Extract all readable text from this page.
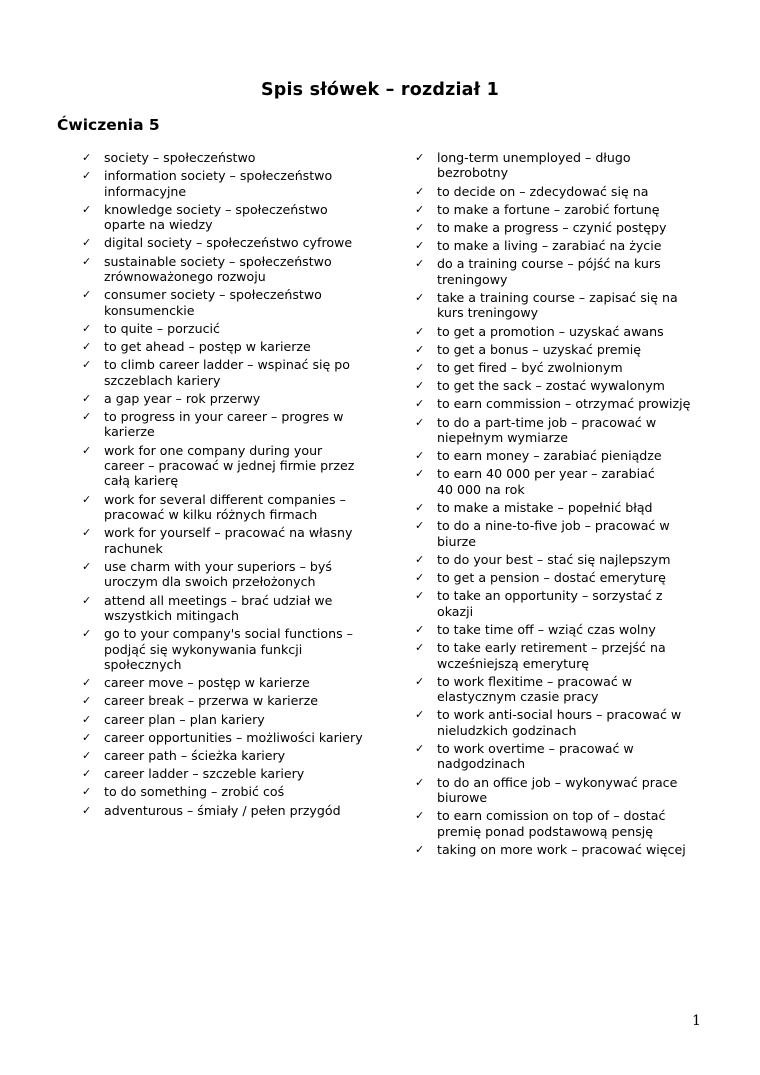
Spis słówek – rozdział 1
Ćwiczenia 5
✓	society – społeczeństwo
✓	information society – społeczeństwo
informacyjne
✓	knowledge society – społeczeństwo
oparte na wiedzy
✓	digital society – społeczeństwo cyfrowe
✓	sustainable society – społeczeństwo
zrównoważonego rozwoju
✓	consumer society – społeczeństwo
konsumenckie
✓	to quite – porzucić
✓	to get ahead – postęp w karierze
✓	to climb career ladder – wspinać się po
szczeblach kariery
✓	a gap year – rok przerwy
✓	to progress in your career – progres w
karierze
✓	work for one company during your
career – pracować w jednej firmie przez
całą karierę
✓	work for several different companies –
pracować w kilku różnych firmach
✓	work for yourself – pracować na własny
rachunek
✓	use charm with your superiors – byś
uroczym dla swoich przełożonych
✓	attend all meetings – brać udział we
wszystkich mitingach
✓	go to your company's social functions –
podjąć się wykonywania funkcji
społecznych
✓	career move – postęp w karierze
✓	career break – przerwa w karierze
✓	career plan – plan kariery
✓	career opportunities – możliwości kariery
✓	career path – ścieżka kariery
✓	career ladder – szczeble kariery
✓	to do something – zrobić coś
✓	adventurous – śmiały / pełen przygód
✓	long-term unemployed – długo
bezrobotny
✓	to decide on – zdecydować się na
✓	to make a fortune – zarobić fortunę
✓	to make a progress – czynić postępy
✓	to make a living – zarabiać na życie
✓	do a training course – pójść na kurs
treningowy
✓	take a training course – zapisać się na
kurs treningowy
✓	to get a promotion – uzyskać awans
✓	to get a bonus – uzyskać premię
✓	to get fired – być zwolnionym
✓	to get the sack – zostać wywalonym
✓	to earn commission – otrzymać prowizję
✓	to do a part-time job – pracować w
niepełnym wymiarze
✓	to earn money – zarabiać pieniądze
✓	to earn 40 000 per year – zarabiać
40 000 na rok
✓	to make a mistake – popełnić błąd
✓	to do a nine-to-five job – pracować w
biurze
✓	to do your best – stać się najlepszym
✓	to get a pension – dostać emeryturę
✓	to take an opportunity – sorzystać z
okazji
✓	to take time off – wziąć czas wolny
✓	to take early retirement – przejść na
wcześniejszą emeryturę
✓	to work flexitime – pracować w
elastycznym czasie pracy
✓	to work anti-social hours – pracować w
nieludzkich godzinach
✓	to work overtime – pracować w
nadgodzinach
✓	to do an office job – wykonywać prace
biurowe
✓	to earn comission on top of – dostać
premię ponad podstawową pensję
✓	taking on more work – pracować więcej
1
